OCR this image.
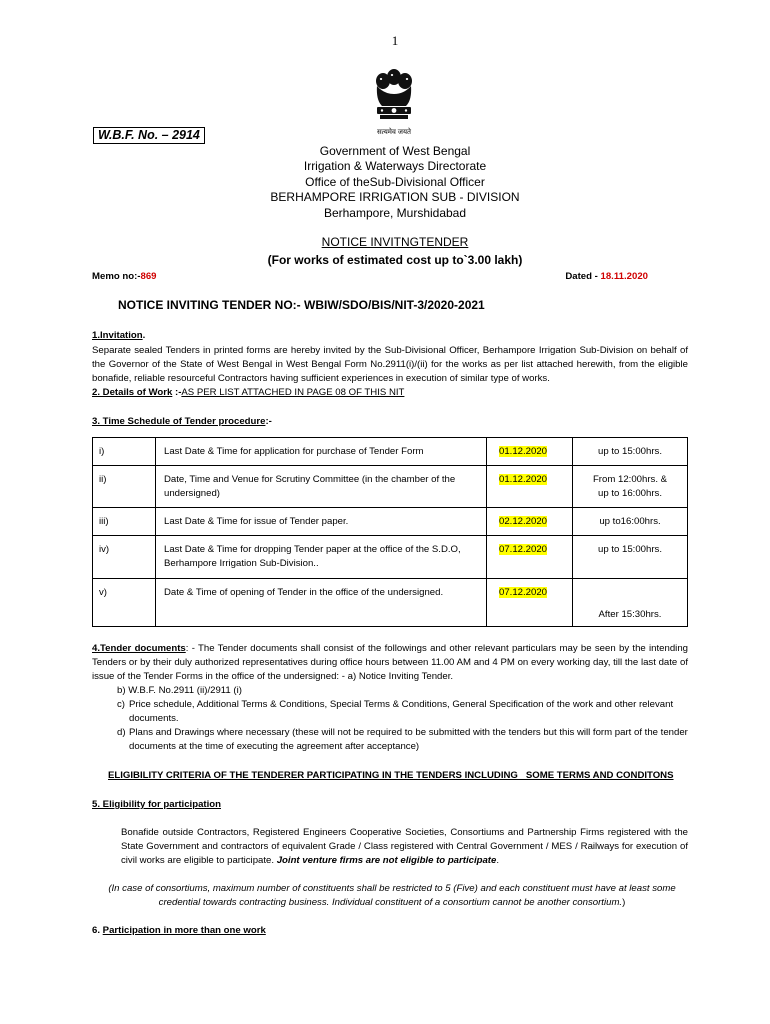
1
सत्यमेव जयते
W.B.F. No. – 2914
Government of West Bengal
Irrigation & Waterways Directorate
Office of theSub-Divisional Officer
BERHAMPORE IRRIGATION SUB - DIVISION
Berhampore, Murshidabad
NOTICE INVITNGTENDER
(For works of estimated cost up to`3.00 lakh)
Memo no:-869	Dated - 18.11.2020
NOTICE INVITING TENDER NO:- WBIW/SDO/BIS/NIT-3/2020-2021
1.Invitation.
Separate sealed Tenders in printed forms are hereby invited by the Sub-Divisional Officer, Berhampore Irrigation Sub-Division on behalf of the Governor of the State of West Bengal in West Bengal Form No.2911(i)/(ii) for the works as per list attached herewith, from the eligible bonafide, reliable resourceful Contractors having sufficient experiences in execution of similar type of works.
2. Details of Work :-AS PER LIST ATTACHED IN PAGE 08 OF THIS NIT
3. Time Schedule of Tender procedure:-
i)	Last Date & Time for application for purchase of Tender Form	01.12.2020	up to 15:00hrs.
ii)	Date, Time and Venue for Scrutiny Committee (in the chamber of the undersigned)	01.12.2020	From 12:00hrs. & up to 16:00hrs.
iii)	Last Date & Time for issue of Tender paper.	02.12.2020	up to16:00hrs.
iv)	Last Date & Time for dropping Tender paper at the office of the S.D.O, Berhampore Irrigation Sub-Division..	07.12.2020	up to 15:00hrs.
v)	Date & Time of opening of Tender in the office of the undersigned.	07.12.2020	After 15:30hrs.
4.Tender documents: - The Tender documents shall consist of the followings and other relevant particulars may be seen by the intending Tenders or by their duly authorized representatives during office hours between 11.00 AM and 4 PM on every working day, till the last date of issue of the Tender Forms in the office of the undersigned: - a) Notice Inviting Tender.
b) W.B.F. No.2911 (ii)/2911 (i)
c) Price schedule, Additional Terms & Conditions, Special Terms & Conditions, General Specification of the work and other relevant documents.
d) Plans and Drawings where necessary (these will not be required to be submitted with the tenders but this will form part of the tender documents at the time of executing the agreement after acceptance)
ELIGIBILITY CRITERIA OF THE TENDERER PARTICIPATING IN THE TENDERS INCLUDING   SOME TERMS AND CONDITONS
5. Eligibility for participation
Bonafide outside Contractors, Registered Engineers Cooperative Societies, Consortiums and Partnership Firms registered with the State Government and contractors of equivalent Grade / Class registered with Central Government / MES / Railways for execution of civil works are eligible to participate. Joint venture firms are not eligible to participate.
(In case of consortiums, maximum number of constituents shall be restricted to 5 (Five) and each constituent must have at least some credential towards contracting business. Individual constituent of a consortium cannot be another consortium.)
6. Participation in more than one work
